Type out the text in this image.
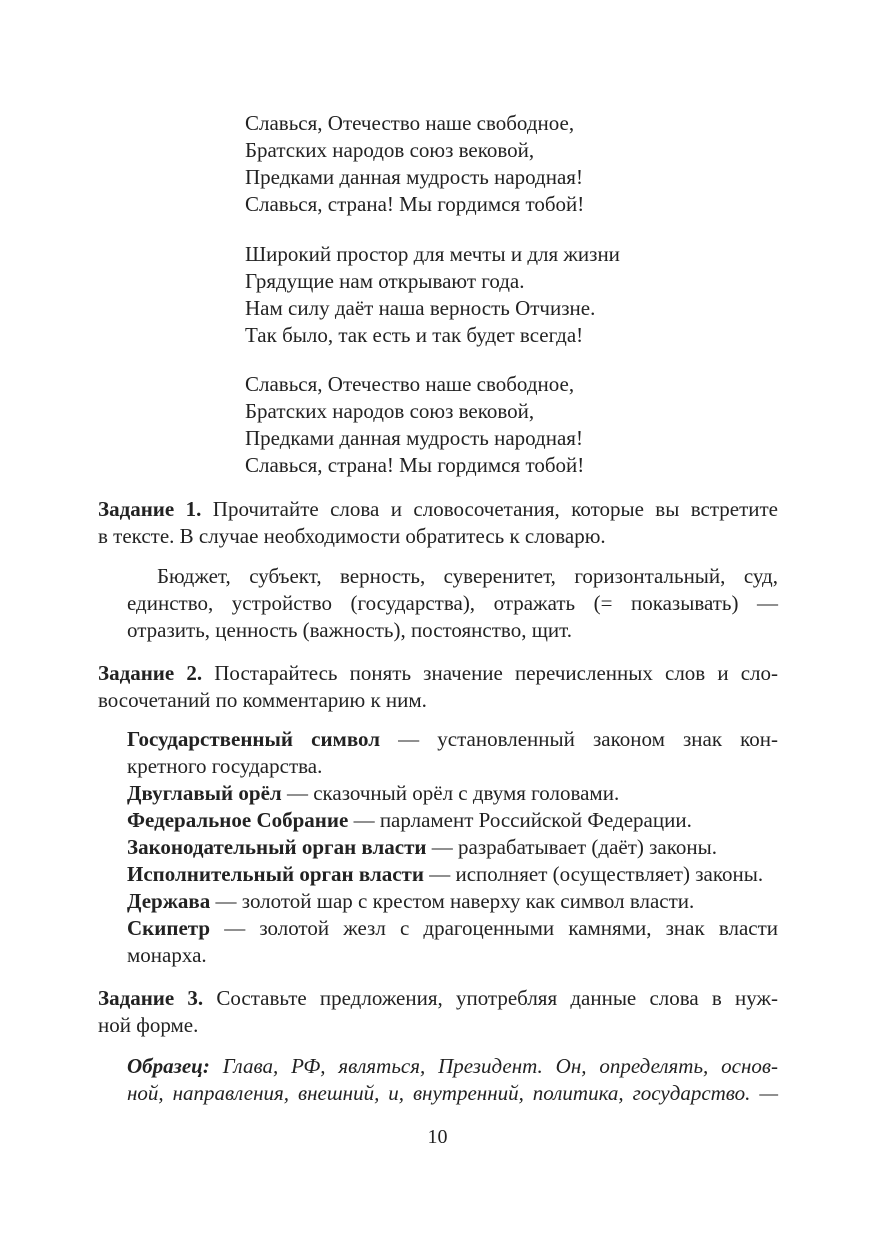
Славься, Отечество наше свободное,
Братских народов союз вековой,
Предками данная мудрость народная!
Славься, страна! Мы гордимся тобой!
Широкий простор для мечты и для жизни
Грядущие нам открывают года.
Нам силу даёт наша верность Отчизне.
Так было, так есть и так будет всегда!
Славься, Отечество наше свободное,
Братских народов союз вековой,
Предками данная мудрость народная!
Славься, страна! Мы гордимся тобой!
Задание 1. Прочитайте слова и словосочетания, которые вы встретите
в тексте. В случае необходимости обратитесь к словарю.
Бюджет, субъект, верность, суверенитет, горизонтальный, суд,
единство, устройство (государства), отражать (= показывать) —
отразить, ценность (важность), постоянство, щит.
Задание 2. Постарайтесь понять значение перечисленных слов и сло-
восочетаний по комментарию к ним.
Государственный символ — установленный законом знак кон-
кретного государства.
Двуглавый орёл — сказочный орёл с двумя головами.
Федеральное Собрание — парламент Российской Федерации.
Законодательный орган власти — разрабатывает (даёт) законы.
Исполнительный орган власти — исполняет (осуществляет) законы.
Держава — золотой шар с крестом наверху как символ власти.
Скипетр — золотой жезл с драгоценными камнями, знак власти
монарха.
Задание 3. Составьте предложения, употребляя данные слова в нуж-
ной форме.
Образец: Глава, РФ, являться, Президент. Он, определять, основ-
ной, направления, внешний, и, внутренний, политика, государство. —
10
